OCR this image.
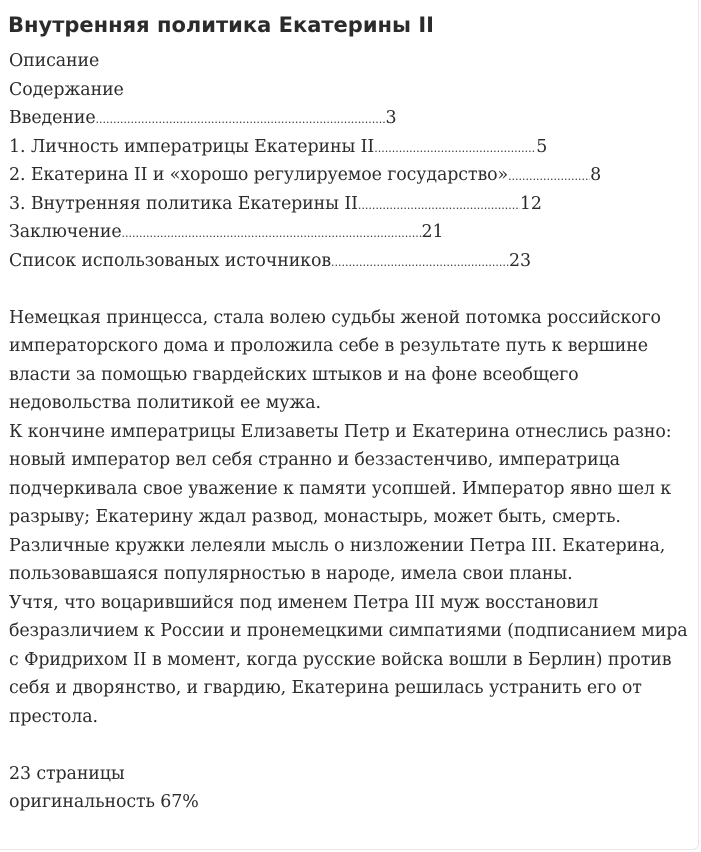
Внутренняя политика Екатерины II
Описание
Содержание
Введение .....	3
1. Личность императрицы Екатерины II .....	5
2. Екатерина II и «хорошо регулируемое государство» .....	8
3. Внутренняя политика Екатерины II .....	12
Заключение .....	21
Список использованых источников .....	23
Немецкая принцесса, стала волею судьбы женой потомка российского императорского дома и проложила себе в результате путь к вершине власти за помощью гвардейских штыков и на фоне всеобщего недовольства политикой ее мужа.
К кончине императрицы Елизаветы Петр и Екатерина отнеслись разно: новый император вел себя странно и беззастенчиво, императрица подчеркивала свое уважение к памяти усопшей. Император явно шел к разрыву; Екатерину ждал развод, монастырь, может быть, смерть. Различные кружки лелеяли мысль о низложении Петра III. Екатерина, пользовавшаяся популярностью в народе, имела свои планы.
Учтя, что воцарившийся под именем Петра III муж восстановил безразличием к России и пронемецкими симпатиями (подписанием мира с Фридрихом II в момент, когда русские войска вошли в Берлин) против себя и дворянство, и гвардию, Екатерина решилась устранить его от престола.
23 страницы
оригинальность 67%
